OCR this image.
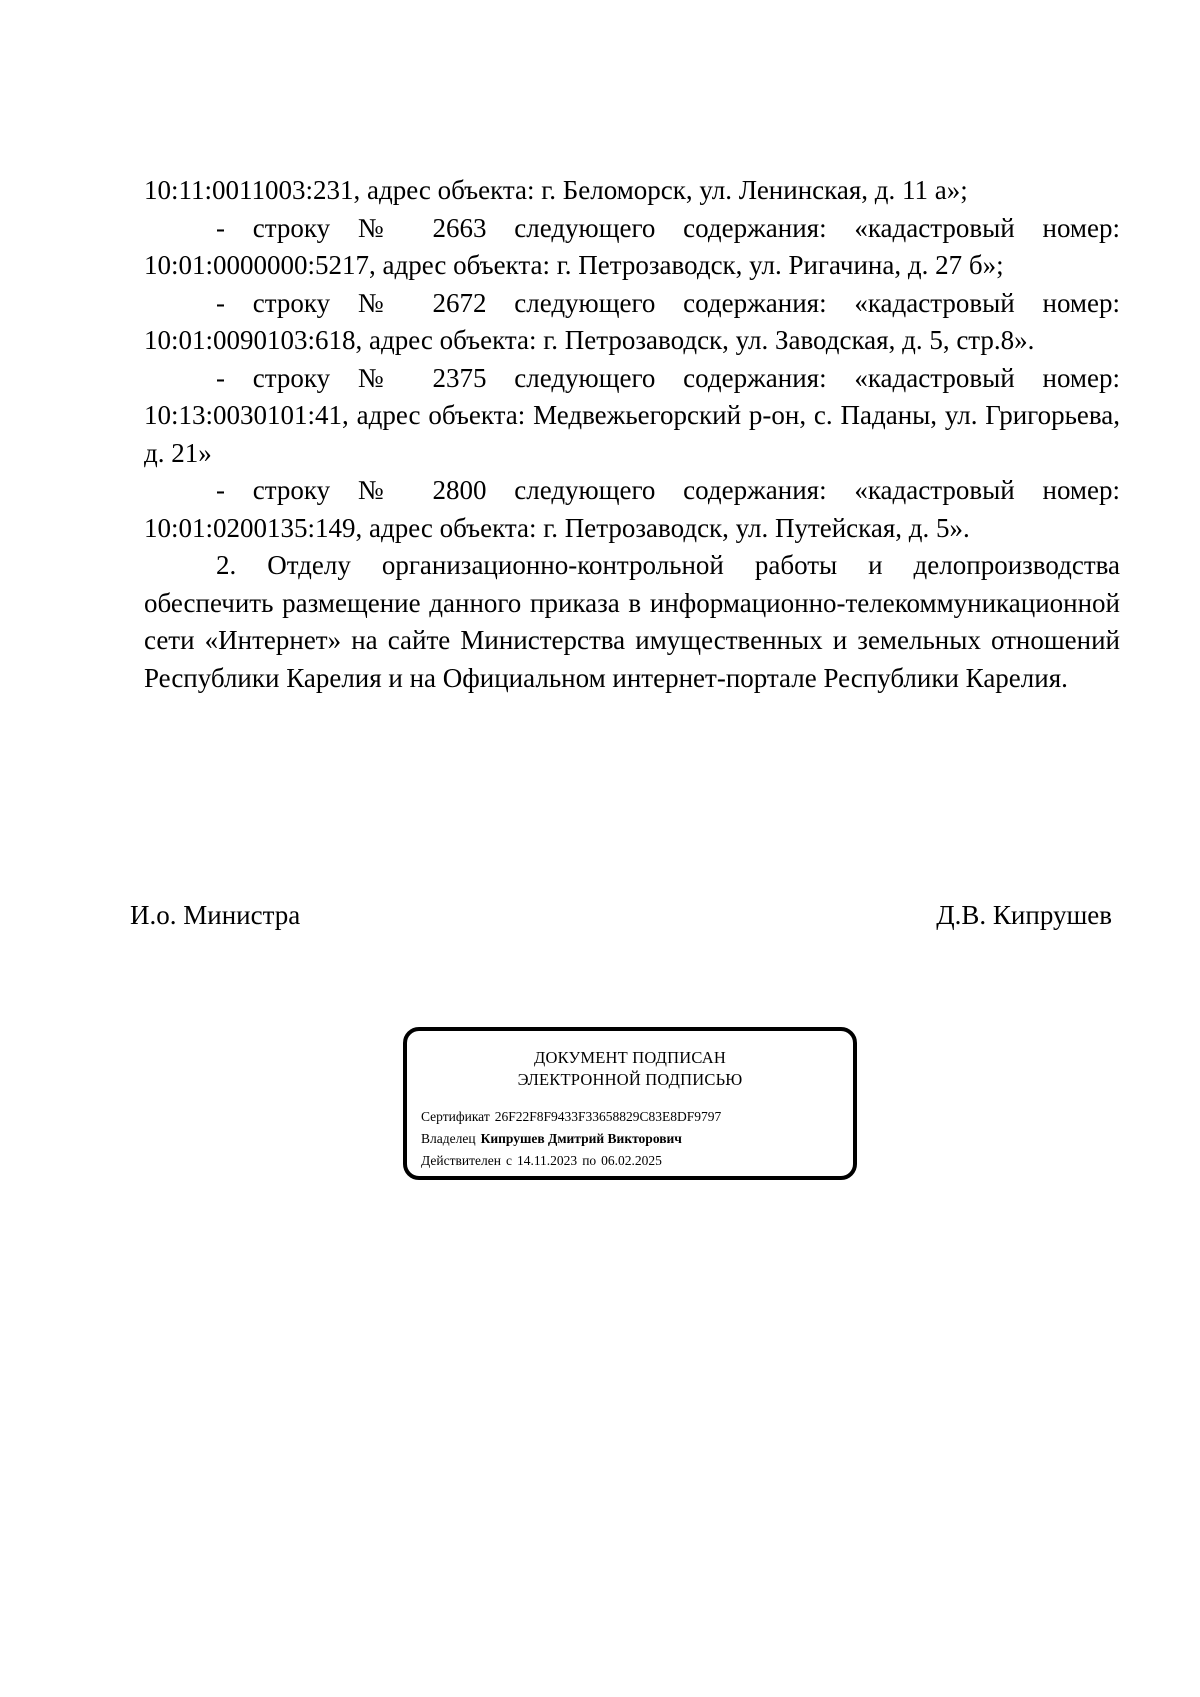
10:11:0011003:231, адрес объекта: г. Беломорск, ул. Ленинская, д. 11 а»;

- строку № 2663 следующего содержания: «кадастровый номер: 10:01:0000000:5217, адрес объекта: г. Петрозаводск, ул. Ригачина, д. 27 б»;

- строку № 2672 следующего содержания: «кадастровый номер: 10:01:0090103:618, адрес объекта: г. Петрозаводск, ул. Заводская, д. 5, стр.8».

- строку № 2375 следующего содержания: «кадастровый номер: 10:13:0030101:41, адрес объекта: Медвежьегорский р-он, с. Паданы, ул. Григорьева, д. 21»

- строку № 2800 следующего содержания: «кадастровый номер: 10:01:0200135:149, адрес объекта: г. Петрозаводск, ул. Путейская, д. 5».

2. Отделу организационно-контрольной работы и делопроизводства обеспечить размещение данного приказа в информационно-телекоммуникационной сети «Интернет» на сайте Министерства имущественных и земельных отношений Республики Карелия и на Официальном интернет-портале Республики Карелия.

И.о. Министра	Д.В. Кипрушев
ДОКУМЕНТ ПОДПИСАН
ЭЛЕКТРОННОЙ ПОДПИСЬЮ
Сертификат 26F22F8F9433F33658829C83E8DF9797
Владелец Кипрушев Дмитрий Викторович
Действителен с 14.11.2023 по 06.02.2025
